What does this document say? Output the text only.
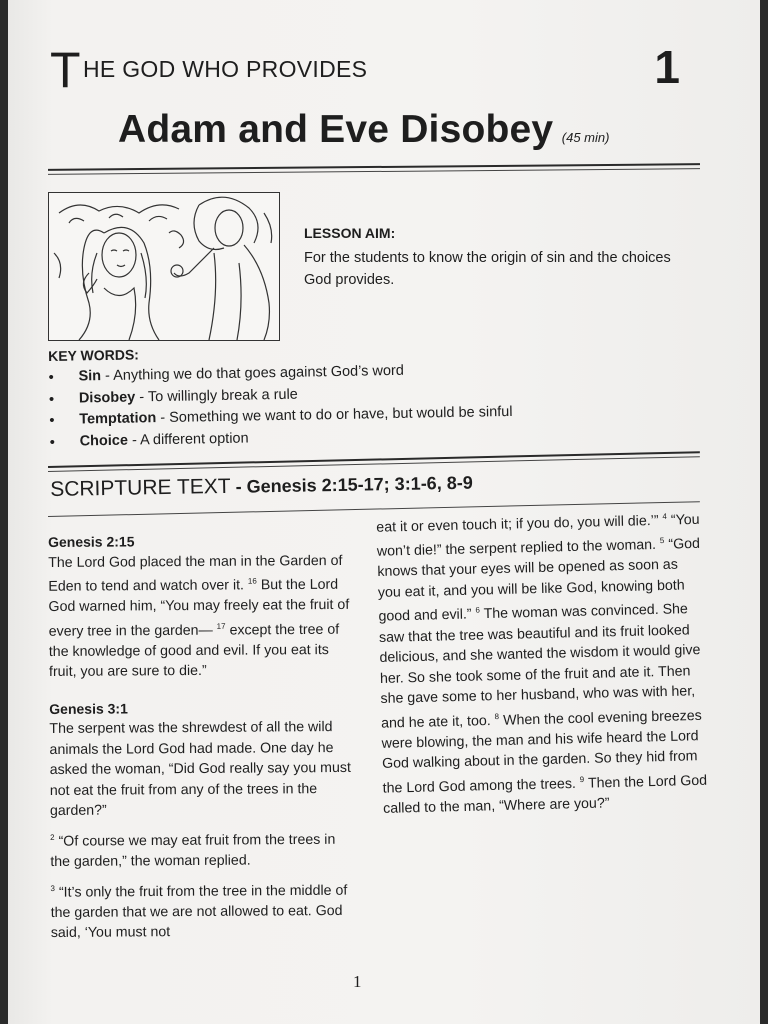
T HE GOD WHO PROVIDES	1
Adam and Eve Disobey (45 min)
LESSON AIM:
For the students to know the origin of sin and the choices God provides.
KEY WORDS:
• Sin - Anything we do that goes against God’s word
• Disobey - To willingly break a rule
• Temptation - Something we want to do or have, but would be sinful
• Choice - A different option
SCRIPTURE TEXT - Genesis 2:15-17; 3:1-6, 8-9
Genesis 2:15

The Lord God placed the man in the Garden of Eden to tend and watch over it. $^{16}$ But the Lord God warned him, “You may freely eat the fruit of every tree in the garden— $^{17}$ except the tree of the knowledge of good and evil. If you eat its fruit, you are sure to die.”

Genesis 3:1

The serpent was the shrewdest of all the wild animals the Lord God had made. One day he asked the woman, “Did God really say you must not eat the fruit from any of the trees in the garden?”

$^2$ “Of course we may eat fruit from the trees in the garden,” the woman replied.

$^3$ “It’s only the fruit from the tree in the middle of the garden that we are not allowed to eat. God said, ‘You must not

eat it or even touch it; if you do, you will die.’” $^4$ “You won’t die!” the serpent replied to the woman. $^5$ “God knows that your eyes will be opened as soon as you eat it, and you will be like God, knowing both good and evil.” $^6$ The woman was convinced. She saw that the tree was beautiful and its fruit looked delicious, and she wanted the wisdom it would give her. So she took some of the fruit and ate it. Then she gave some to her husband, who was with her, and he ate it, too. $^8$ When the cool evening breezes were blowing, the man and his wife heard the Lord God walking about in the garden. So they hid from the Lord God among the trees. $^9$ Then the Lord God called to the man, “Where are you?”

1
